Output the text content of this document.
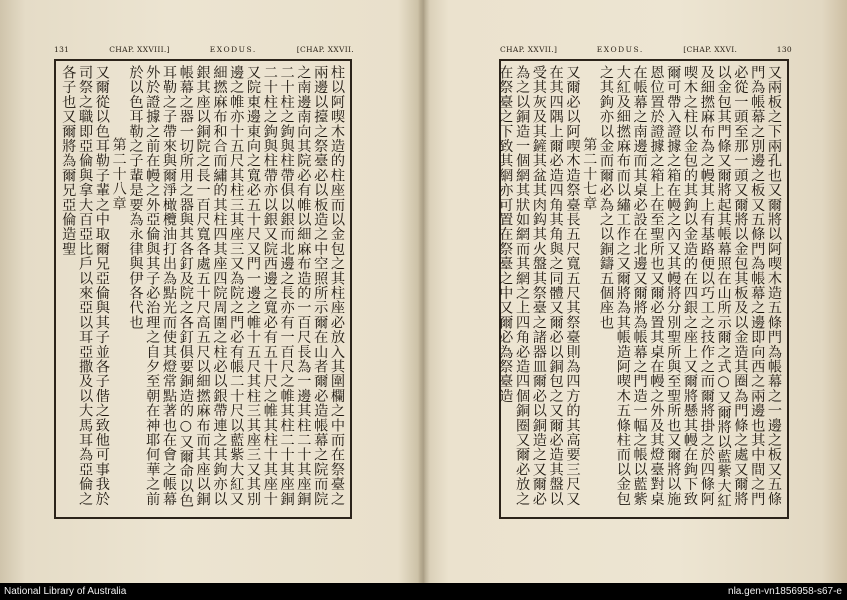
131	CHAP. XXVIII.]	EXODUS.	[CHAP. XXVII.

柱以阿喫木造的柱座而以金包之其柱座必放入其圍欄之中而在祭臺之兩邊以擡之祭臺必以板造之中空照所示爾在山者爾必造帳幕之院而院之南邊南向其院必有帷以細麻布造的一百尺長為一邊其柱二十其座銅二十柱之鉤與柱帶俱以銀而北邊之長亦有一百尺之帷其柱二十其座銅二十柱之鉤與柱帶亦以銀又院西邊之寬必有五十尺之帷其柱十其座十又院東邊東向之寬必五十尺又門一邊之帷十五尺其柱三其座三又其別邊之帷亦十五尺其柱三其座三又為院之門必有帳二十尺以藍紫大紅又細撚麻布和合而繡的其柱四其座四院周圍之柱必以銀帶連之其鉤亦以銀其座以銅院之長一百尺寬各處五十尺高五尺以細撚麻布而其座以銅帳幕之器一切所用之器與其各釘及院之各釘俱要銅造的○又爾命以色耳勒之子帶來與爾淨橄欖油打出為點光而使其燈常點著也在會之帳幕外於證據之前在幔之外亞倫與其子必治理之自夕至朝在神耶何華之前於以色耳勒之子輩是要為永律與伊各代也

第二十八章

又爾從以色耳勒子輩之中取爾兄亞倫與其子並各子偕之致他可事我於司祭之職即亞倫與拿大百亞比戶以來亞以耳亞撒及以大馬耳為亞倫之各子也又爾將為爾兄亞倫造聖

CHAP. XXVII.]	EXODUS.	[CHAP. XXVI.	130

又兩板之下兩孔也又爾將以阿喫木造五條門為帳幕之一邊之板又五條門為帳幕之別邊之板又五條門為帳幕之邊即向西之兩邊也其中間之門必從一頭至那一頭又爾將以金包其板及以金造其圈為門條之處又爾將以金包其門條又爾將起其帳幕照在山所示爾之式○又爾將以藍紫大紅及細撚麻布為之幔其上有基路便以巧工之技作之而爾將掛之於四條阿喫木之柱以金包的其鉤以金造的在四銀之座上又爾將懸其幔在鉤下致爾可帶入證據之箱在幔之內又其幔將分別聖所與至聖所也又爾將以施恩位置於證據之箱上在至聖所也又爾必置其桌在幔之外及其燈臺對桌在帳幕之南邊而其桌必設在北邊又爾將為帳幕之門造一幅之帳以藍紫大紅及細撚麻布而以繡工作之又爾將為其帳造阿喫木五條柱而以金包之其鉤亦以金而爾必為之以銅鑄五個座也

第二十七章

又爾必以阿喫木造祭臺長五尺寬五尺其祭臺則為四方的其高要三尺又在其四隅上爾必造四角其角與之同體又爾必以銅包之又爾必造其盤以受其灰及其鏟其盆其肉鈎其火盤其祭臺之諸器皿爾必以銅造之又爾必為之以銅造一個網其狀如網而其網之上四角必造四個銅圈又爾必放之在祭臺之下致其網亦可置在祭臺之中又爾必為祭臺造

National Library of Australia	nla.gen-vn1856958-s67-e
